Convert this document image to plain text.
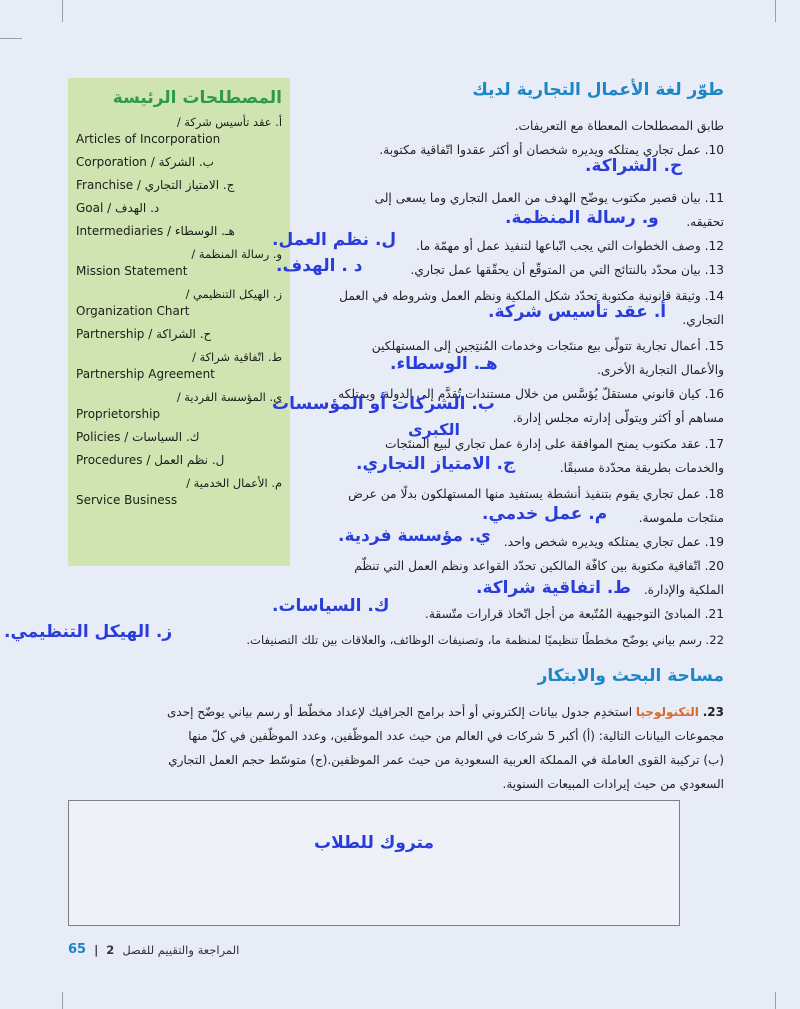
المصطلحات الرئيسة
أ. عقد تأسيس شركة /
Articles of Incorporation
ب. الشركة / Corporation
ج. الامتياز التجاري / Franchise
د. الهدف / Goal
هـ. الوسطاء / Intermediaries
و. رسالة المنظمة /
Mission Statement
ز. الهيكل التنظيمي /
Organization Chart
ح. الشراكة / Partnership
ط. اتّفاقية شراكة /
Partnership Agreement
ي. المؤسسة الفردية /
Proprietorship
ك. السياسات / Policies
ل. نظم العمل / Procedures
م. الأعمال الخدمية /
Service Business
طوّر لغة الأعمال التجارية لديك
طابق المصطلحات المعطاة مع التعريفات.
10. عمل تجاري يمتلكه ويديره شخصان أو أكثر عقدوا اتّفاقية مكتوبة.
ح. الشراكة.
11. بيان قصير مكتوب يوضّح الهدف من العمل التجاري وما يسعى إلى
تحقيقه.
و. رسالة المنظمة.
12. وصف الخطوات التي يجب اتّباعها لتنفيذ عمل أو مهمّة ما.
ل. نظم العمل.
13. بيان محدّد بالنتائج التي من المتوقّع أن يحقّقها عمل تجاري.
د . الهدف.
14. وثيقة قانونية مكتوبة تحدّد شكل الملكية ونظم العمل وشروطه في العمل
التجاري.
أ. عقد تأسيس شركة.
15. أعمال تجارية تتولّى بيع منتَجات وخدمات المُنتِجين إلى المستهلكين
والأعمال التجارية الأخرى.
هـ. الوسطاء.
16. كيان قانوني مستقلّ يُؤسَّس من خلال مستندات تُقدَّم إلى الدولة، ويمتلكه
مساهم أو أكثر ويتولّى إدارته مجلس إدارة.
ب. الشركات أو المؤسسات
الكبرى
17. عقد مكتوب يمنح الموافقة على إدارة عمل تجاري لبيع المنتَجات
والخدمات بطريقة محدّدة مسبقًا.
ج. الامتياز التجاري.
18. عمل تجاري يقوم بتنفيذ أنشطة يستفيد منها المستهلكون بدلًا من عرض
منتَجات ملموسة.
م. عمل خدمي.
19. عمل تجاري يمتلكه ويديره شخص واحد.
ي. مؤسسة فردية.
20. اتّفاقية مكتوبة بين كافّة المالكين تحدّد القواعد ونظم العمل التي تنظّم
الملكية والإدارة.
ط. اتفاقية شراكة.
21. المبادئ التوجيهية المُتّبعة من أجل اتّخاذ قرارات متّسقة.
ك. السياسات.
22. رسم بياني يوضّح مخططًا تنظيميًا لمنظمة ما، وتصنيفات الوظائف، والعلاقات بين تلك التصنيفات.
ز. الهيكل التنظيمي.
مساحة البحث والابتكار
23. التكنولوجيا استخدِم جدول بيانات إلكتروني أو أحد برامج الجرافيك لإعداد مخطّط أو رسم بياني يوضّح إحدى
مجموعات البيانات التالية: (أ) أكبر 5 شركات في العالم من حيث عدد الموظّفين، وعدد الموظّفين في كلّ منها
(ب) تركيبة القوى العاملة في المملكة العربية السعودية من حيث عمر الموظفين.(ج) متوسّط حجم العمل التجاري
السعودي من حيث إيرادات المبيعات السنوية.
متروك للطلاب
65 | 2 المراجعة والتقييم للفصل
